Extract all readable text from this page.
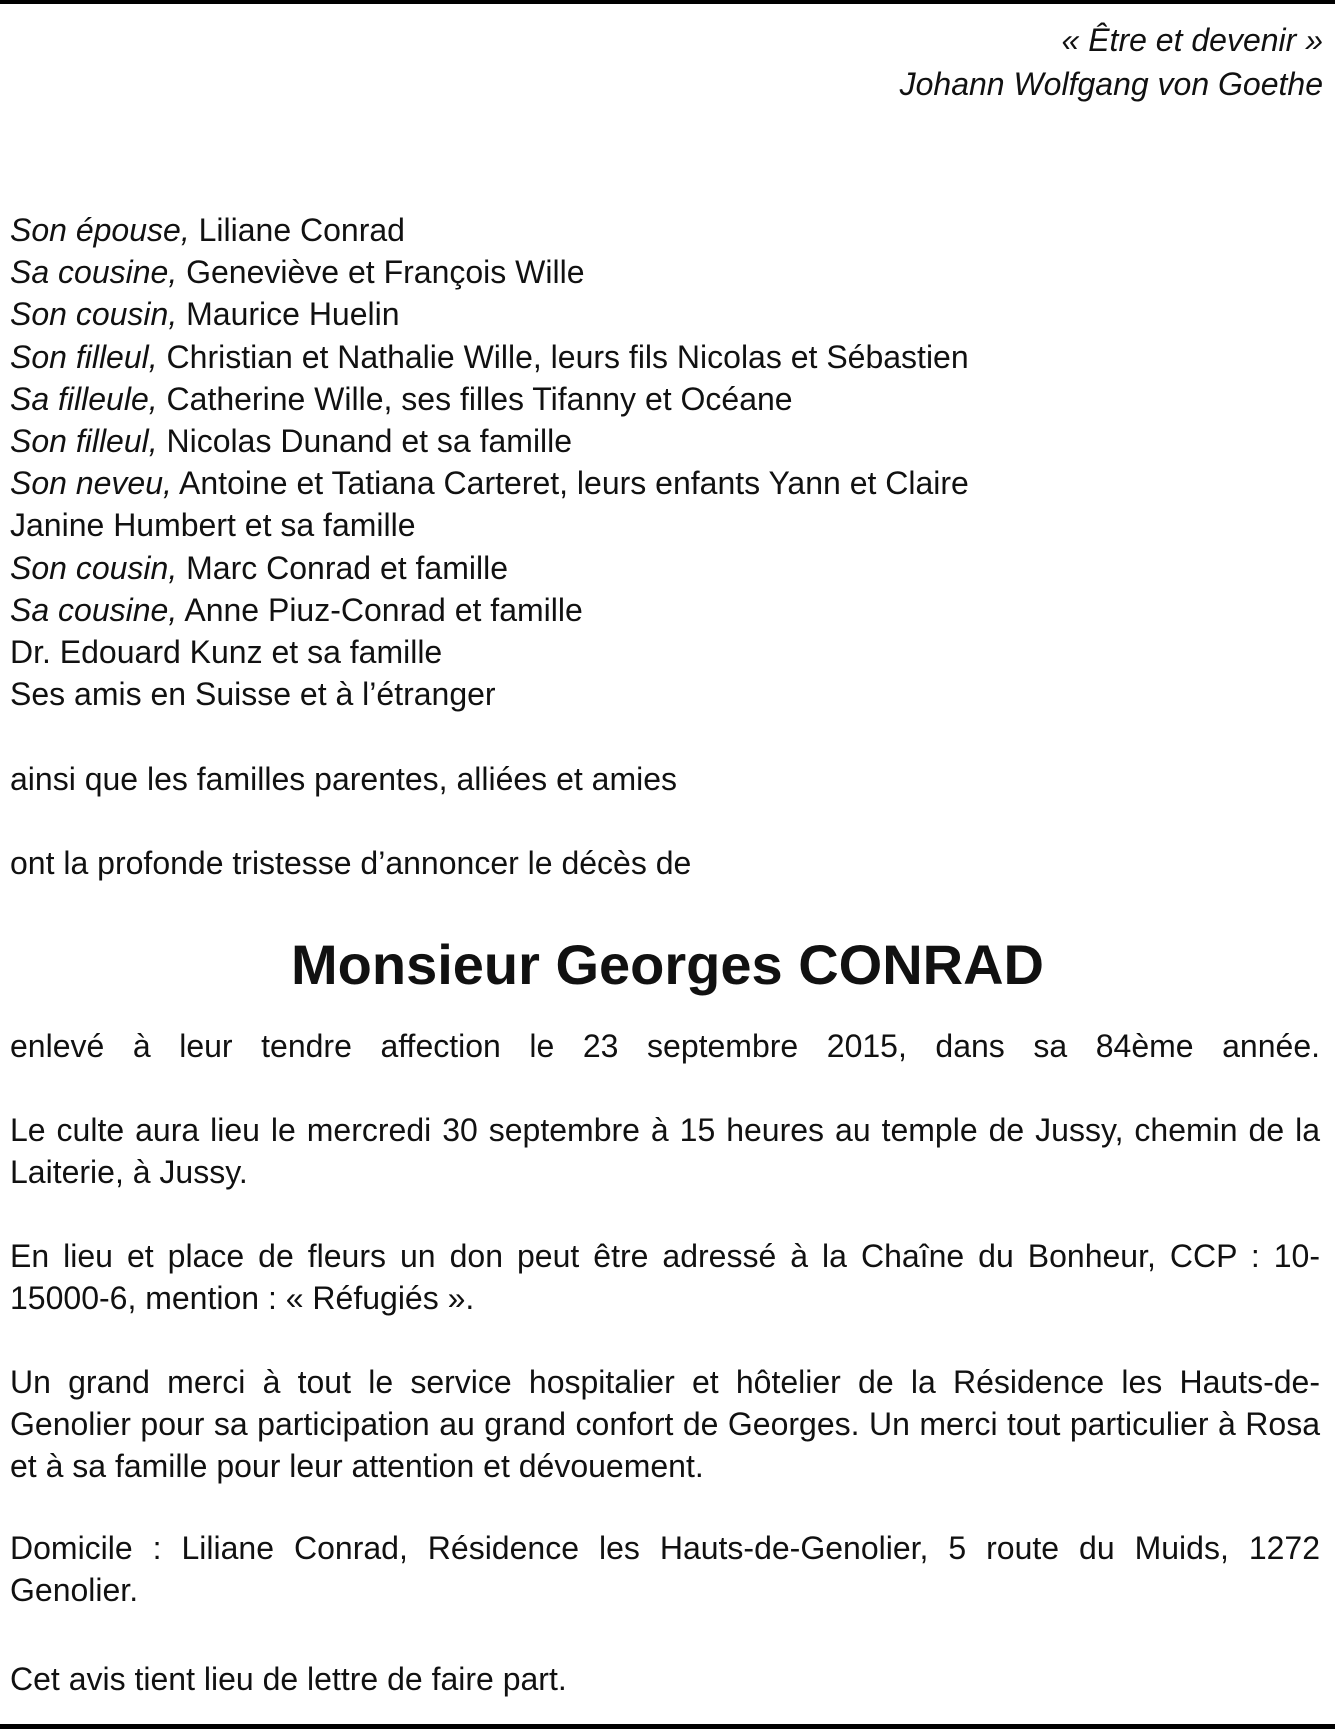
« Être et devenir »
Johann Wolfgang von Goethe
Son épouse, Liliane Conrad
Sa cousine, Geneviève et François Wille
Son cousin, Maurice Huelin
Son filleul, Christian et Nathalie Wille, leurs fils Nicolas et Sébastien
Sa filleule, Catherine Wille, ses filles Tifanny et Océane
Son filleul, Nicolas Dunand et sa famille
Son neveu, Antoine et Tatiana Carteret, leurs enfants Yann et Claire
Janine Humbert et sa famille
Son cousin, Marc Conrad et famille
Sa cousine, Anne Piuz-Conrad et famille
Dr. Edouard Kunz et sa famille
Ses amis en Suisse et à l’étranger
ainsi que les familles parentes, alliées et amies
ont la profonde tristesse d’annoncer le décès de
Monsieur Georges CONRAD
enlevé à leur tendre affection le 23 septembre 2015, dans sa 84ème année.
Le culte aura lieu le mercredi 30 septembre à 15 heures au temple de Jussy, chemin de la Laiterie, à Jussy.
En lieu et place de fleurs un don peut être adressé à la Chaîne du Bonheur, CCP : 10-15000-6, mention : « Réfugiés ».
Un grand merci à tout le service hospitalier et hôtelier de la Résidence les Hauts-de-Genolier pour sa participation au grand confort de Georges. Un merci tout particulier à Rosa et à sa famille pour leur attention et dévouement.
Domicile : Liliane Conrad, Résidence les Hauts-de-Genolier, 5 route du Muids, 1272 Genolier.
Cet avis tient lieu de lettre de faire part.
